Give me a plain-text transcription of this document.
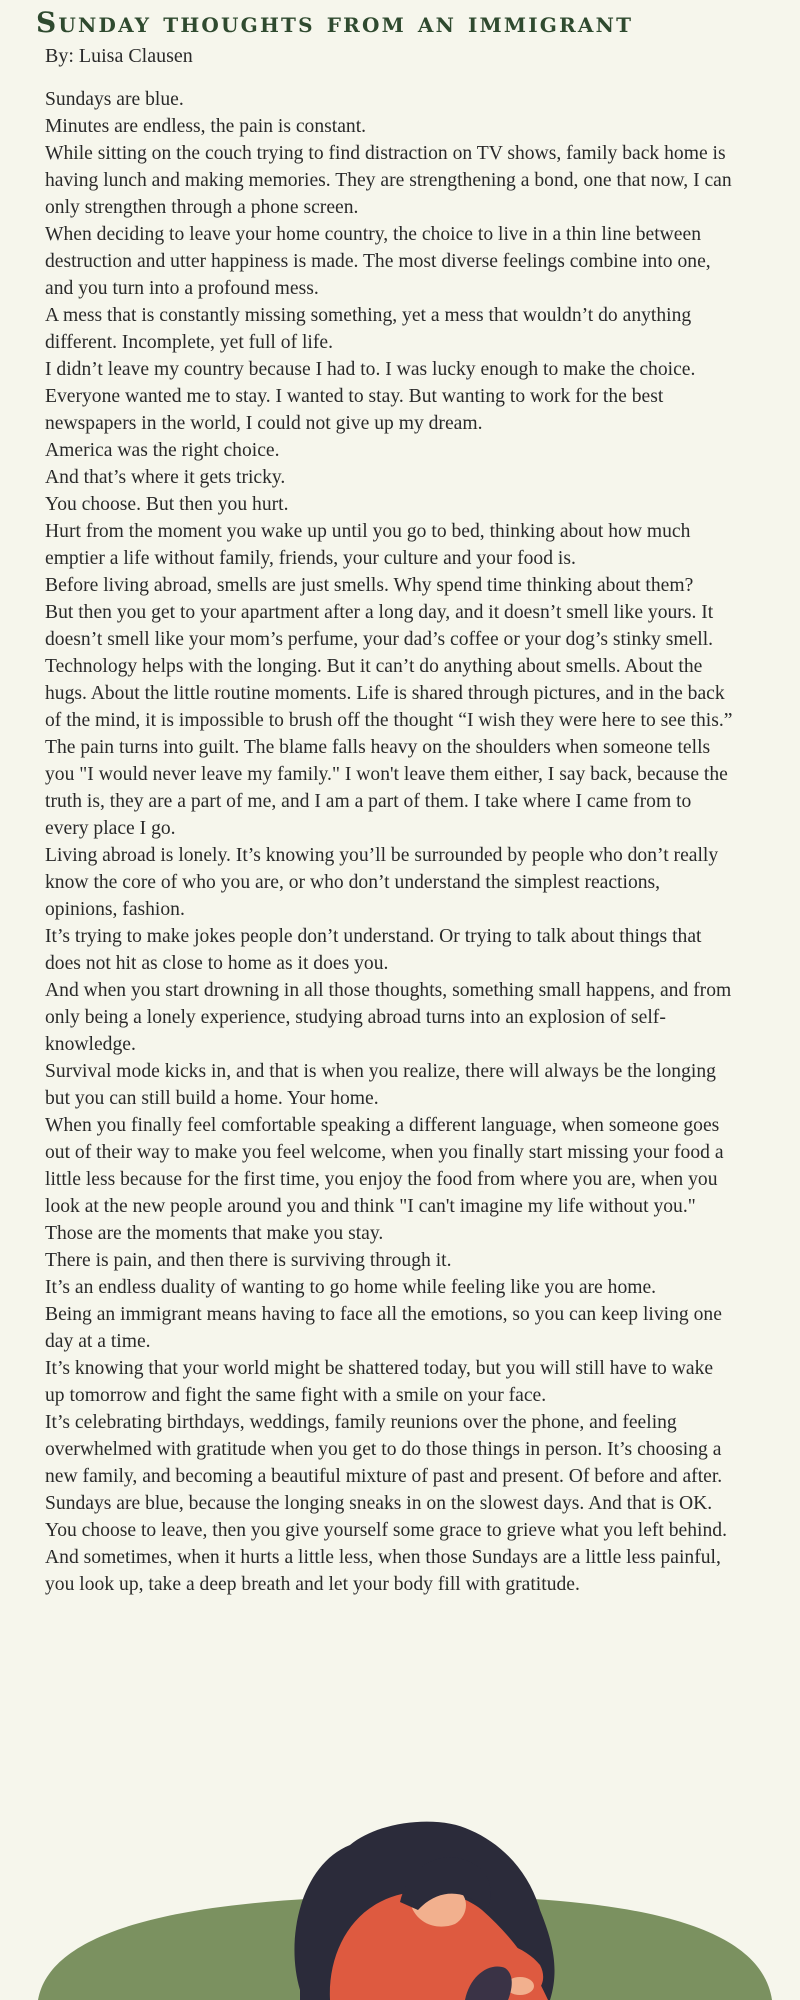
Sunday thoughts from an immigrant
By: Luisa Clausen

Sundays are blue.

Minutes are endless, the pain is constant.

While sitting on the couch trying to find distraction on TV shows, family back home is having lunch and making memories. They are strengthening a bond, one that now, I can only strengthen through a phone screen.

When deciding to leave your home country, the choice to live in a thin line between destruction and utter happiness is made. The most diverse feelings combine into one, and you turn into a profound mess.

A mess that is constantly missing something, yet a mess that wouldn’t do anything different. Incomplete, yet full of life.

I didn’t leave my country because I had to. I was lucky enough to make the choice. Everyone wanted me to stay. I wanted to stay. But wanting to work for the best newspapers in the world, I could not give up my dream.

America was the right choice.

And that’s where it gets tricky.

You choose. But then you hurt.

Hurt from the moment you wake up until you go to bed, thinking about how much emptier a life without family, friends, your culture and your food is.

Before living abroad, smells are just smells. Why spend time thinking about them?

But then you get to your apartment after a long day, and it doesn’t smell like yours. It doesn’t smell like your mom’s perfume, your dad’s coffee or your dog’s stinky smell.

Technology helps with the longing. But it can’t do anything about smells. About the hugs. About the little routine moments. Life is shared through pictures, and in the back of the mind, it is impossible to brush off the thought “I wish they were here to see this.”

The pain turns into guilt. The blame falls heavy on the shoulders when someone tells you "I would never leave my family." I won't leave them either, I say back, because the truth is, they are a part of me, and I am a part of them. I take where I came from to every place I go.

Living abroad is lonely. It’s knowing you’ll be surrounded by people who don’t really know the core of who you are, or who don’t understand the simplest reactions, opinions, fashion.

It’s trying to make jokes people don’t understand. Or trying to talk about things that does not hit as close to home as it does you.

And when you start drowning in all those thoughts, something small happens, and from only being a lonely experience, studying abroad turns into an explosion of self-knowledge.

Survival mode kicks in, and that is when you realize, there will always be the longing but you can still build a home. Your home.

When you finally feel comfortable speaking a different language, when someone goes out of their way to make you feel welcome, when you finally start missing your food a little less because for the first time, you enjoy the food from where you are, when you look at the new people around you and think "I can't imagine my life without you." Those are the moments that make you stay.

There is pain, and then there is surviving through it.

It’s an endless duality of wanting to go home while feeling like you are home.

Being an immigrant means having to face all the emotions, so you can keep living one day at a time.

It’s knowing that your world might be shattered today, but you will still have to wake up tomorrow and fight the same fight with a smile on your face.

It’s celebrating birthdays, weddings, family reunions over the phone, and feeling overwhelmed with gratitude when you get to do those things in person. It’s choosing a new family, and becoming a beautiful mixture of past and present. Of before and after.

Sundays are blue, because the longing sneaks in on the slowest days. And that is OK.

You choose to leave, then you give yourself some grace to grieve what you left behind. And sometimes, when it hurts a little less, when those Sundays are a little less painful, you look up, take a deep breath and let your body fill with gratitude.
